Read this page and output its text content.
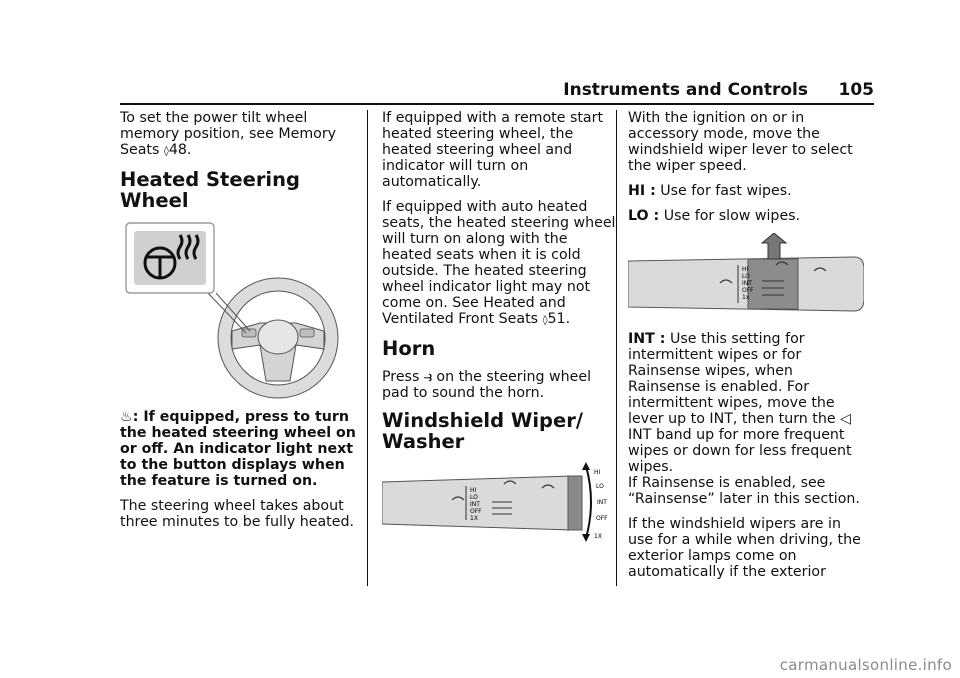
Instruments and Controls 105

To set the power tilt wheel memory position, see Memory Seats ◊48.

Heated Steering Wheel

♨: If equipped, press to turn the heated steering wheel on or off. An indicator light next to the button displays when the feature is turned on.

The steering wheel takes about three minutes to be fully heated.

If equipped with a remote start heated steering wheel, the heated steering wheel and indicator will turn on automatically.

If equipped with auto heated seats, the heated steering wheel will turn on along with the heated seats when it is cold outside. The heated steering wheel indicator light may not come on. See Heated and Ventilated Front Seats ◊51.

Horn

Press ⥽ on the steering wheel pad to sound the horn.

Windshield Wiper/ Washer
HI
LO
INT
OFF
1X
HI
LO
INT
OFF
1X

With the ignition on or in accessory mode, move the windshield wiper lever to select the wiper speed.

HI : Use for fast wipes.

LO : Use for slow wipes.

HI
LO
INT
OFF
1x

INT : Use this setting for intermittent wipes or for Rainsense wipes, when Rainsense is enabled. For intermittent wipes, move the lever up to INT, then turn the ◁ INT band up for more frequent wipes or down for less frequent wipes.
If Rainsense is enabled, see “Rainsense” later in this section.

If the windshield wipers are in use for a while when driving, the exterior lamps come on automatically if the exterior

carmanualsonline.info
